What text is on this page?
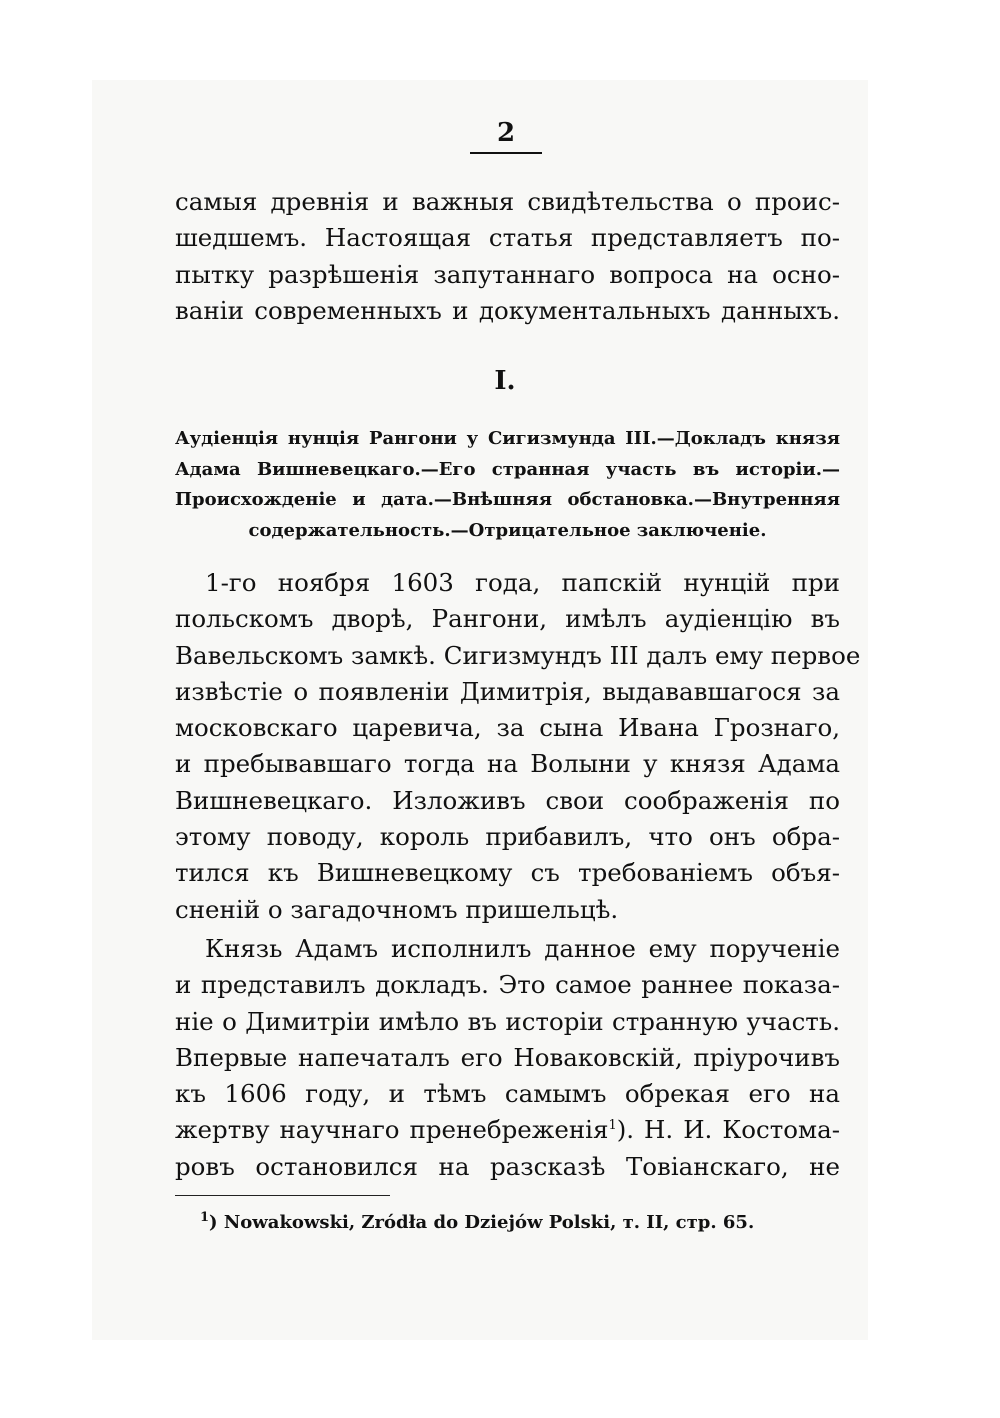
2
самыя древнія и важныя свидѣтельства о проис-
шедшемъ. Настоящая статья представляетъ по-
пытку разрѣшенія запутаннаго вопроса на осно-
ваніи современныхъ и документальныхъ данныхъ.
I.
Аудіенція нунція Рангони у Сигизмунда III.—Докладъ князя
Адама Вишневецкаго.—Его странная участь въ исторіи.—
Происхожденіе и дата.—Внѣшняя обстановка.—Внутренняя
содержательность.—Отрицательное заключеніе.
1-го ноября 1603 года, папскій нунцій при
польскомъ дворѣ, Рангони, имѣлъ аудіенцію въ
Вавельскомъ замкѣ. Сигизмундъ III далъ ему первое
извѣстіе о появленіи Димитрія, выдававшагося за
московскаго царевича, за сына Ивана Грознаго,
и пребывавшаго тогда на Волыни у князя Адама
Вишневецкаго. Изложивъ свои соображенія по
этому поводу, король прибавилъ, что онъ обра-
тился къ Вишневецкому съ требованіемъ объя-
сненій о загадочномъ пришельцѣ.
Князь Адамъ исполнилъ данное ему порученіе
и представилъ докладъ. Это самое раннее показа-
ніе о Димитріи имѣло въ исторіи странную участь.
Впервые напечаталъ его Новаковскій, пріурочивъ
къ 1606 году, и тѣмъ самымъ обрекая его на
жертву научнаго пренебреженія$^1$). Н. И. Костома-
ровъ остановился на разсказѣ Товіанскаго, не
$^1$) Nowakowski, Zródła do Dziejów Polski, т. II, стр. 65.
